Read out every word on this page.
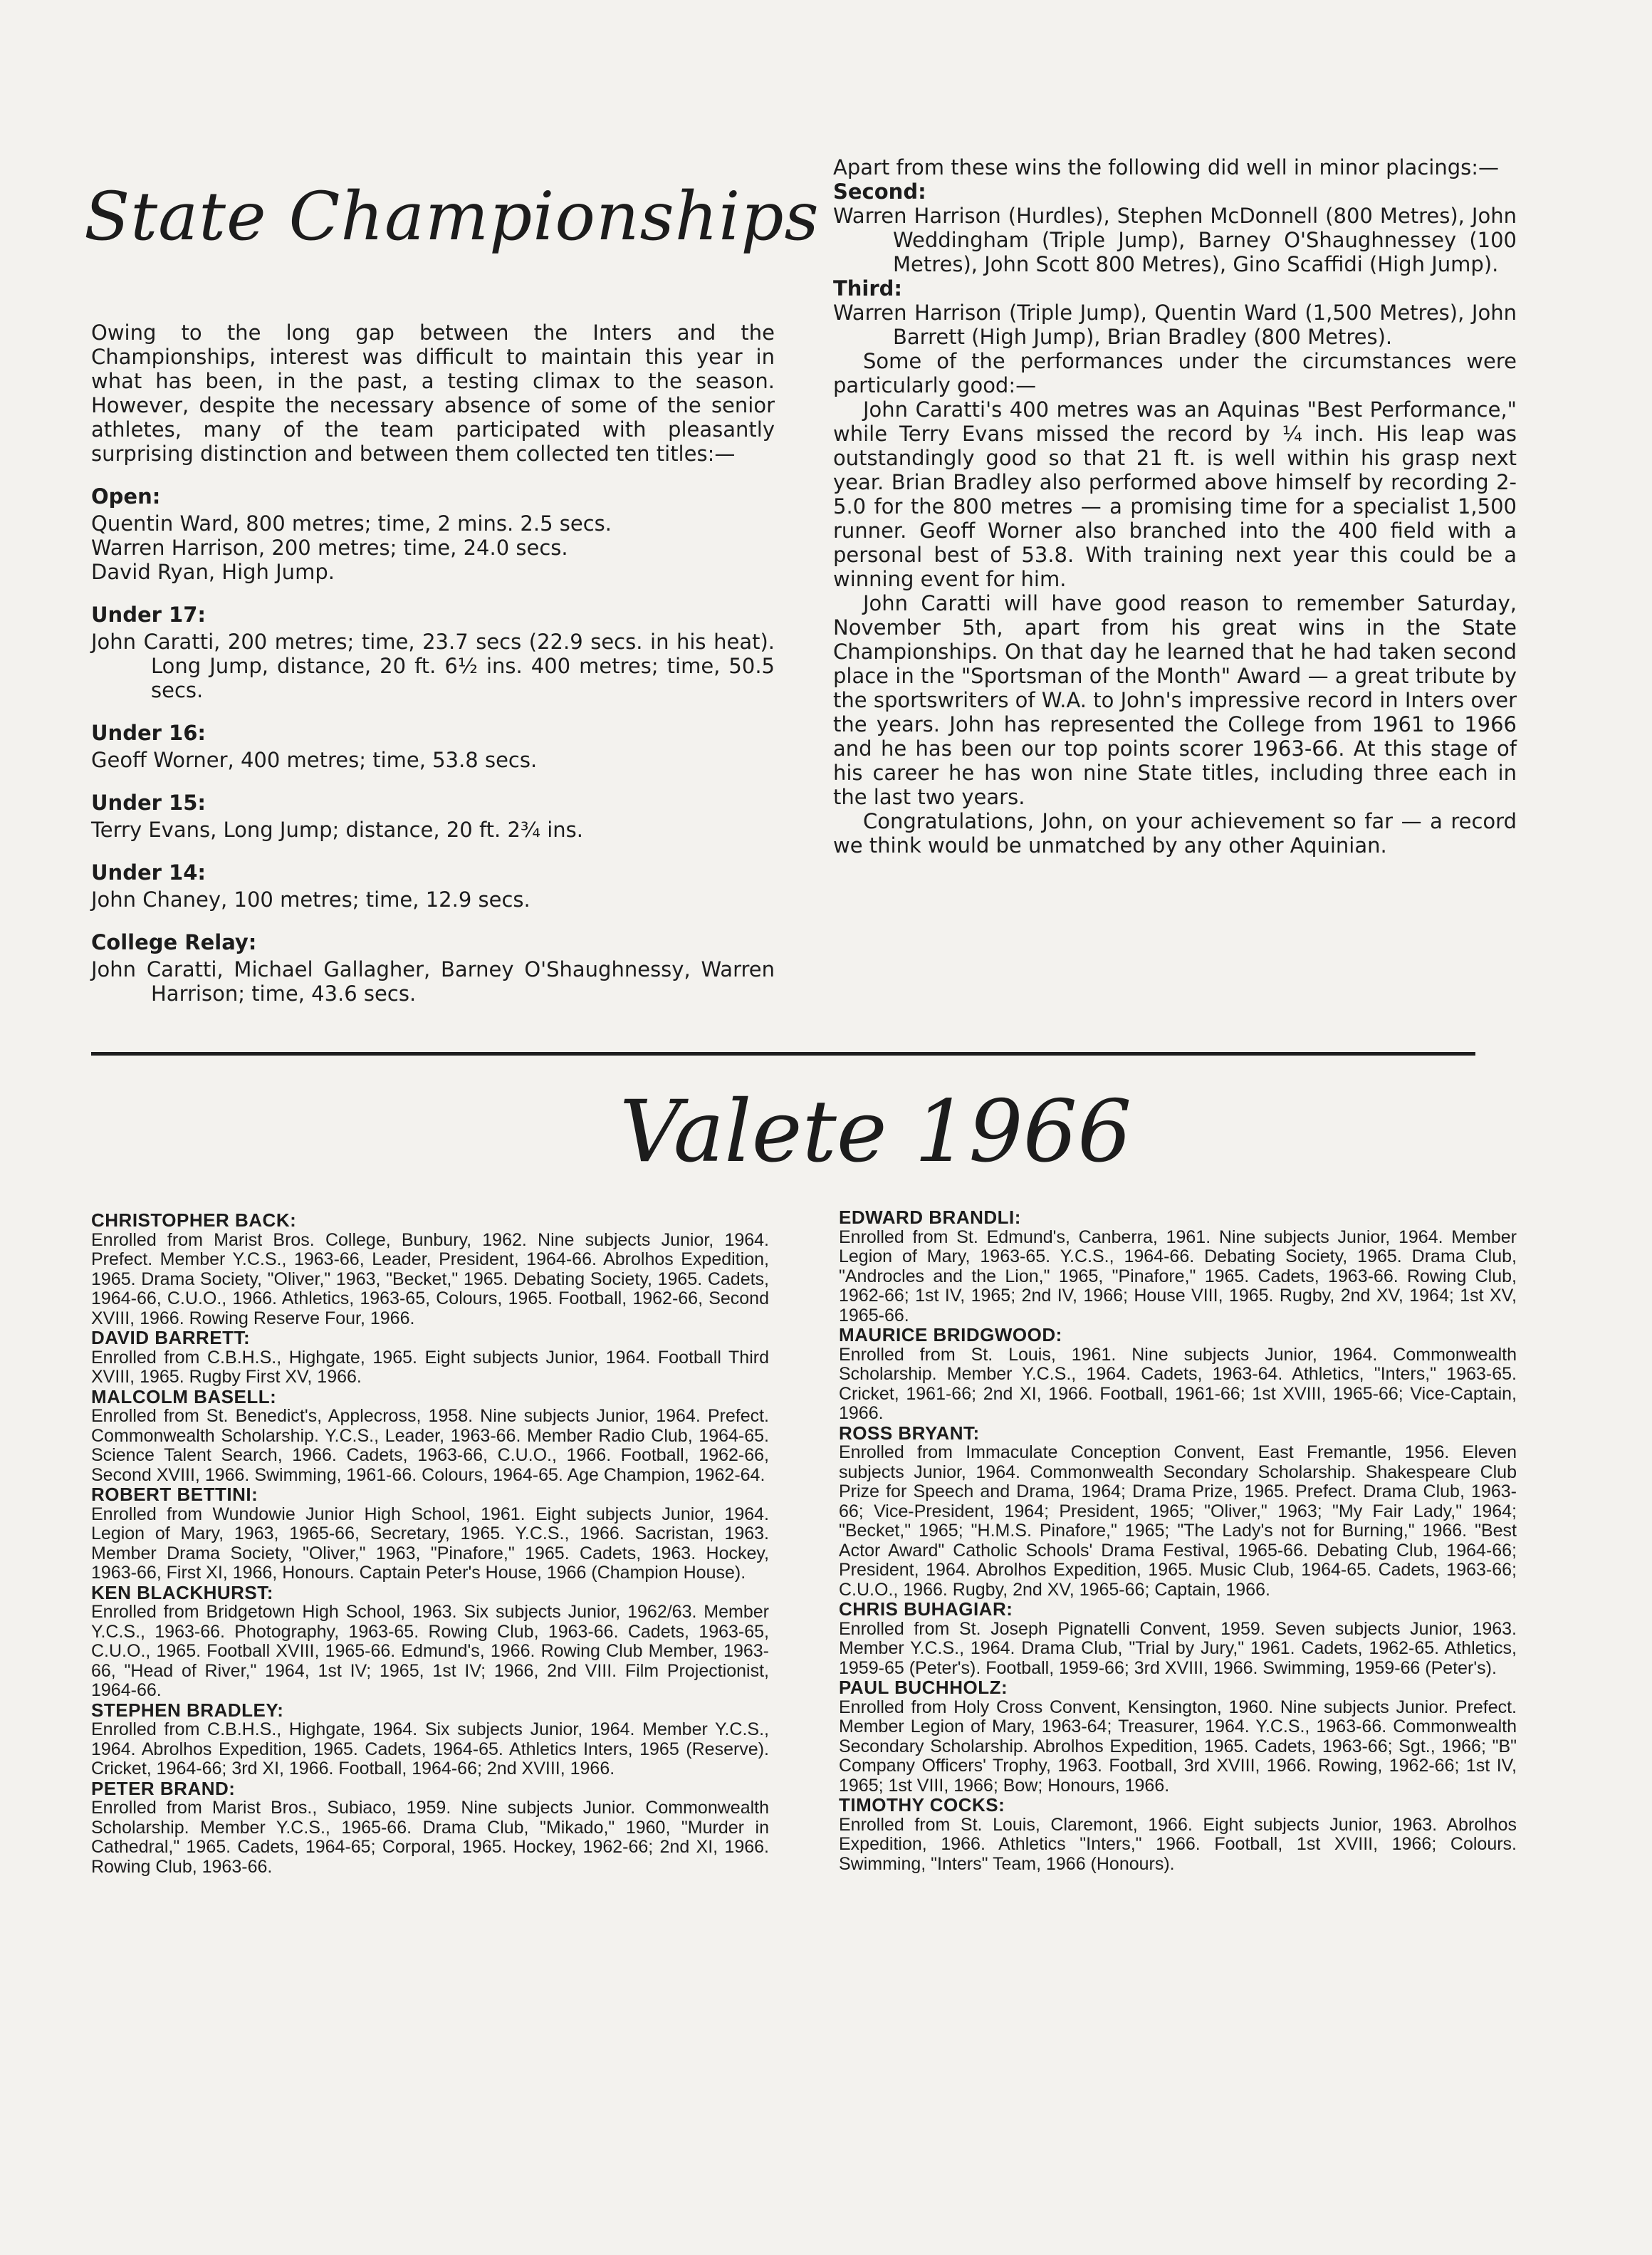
State Championships

Owing to the long gap between the Inters and the Championships, interest was difficult to maintain this year in what has been, in the past, a testing climax to the season. However, despite the necessary absence of some of the senior athletes, many of the team participated with pleasantly surprising distinction and between them collected ten titles:—

Open:

Quentin Ward, 800 metres; time, 2 mins. 2.5 secs.

Warren Harrison, 200 metres; time, 24.0 secs.

David Ryan, High Jump.

Under 17:

John Caratti, 200 metres; time, 23.7 secs (22.9 secs. in his heat). Long Jump, distance, 20 ft. 6½ ins. 400 metres; time, 50.5 secs.

Under 16:

Geoff Worner, 400 metres; time, 53.8 secs.

Under 15:

Terry Evans, Long Jump; distance, 20 ft. 2¾ ins.

Under 14:

John Chaney, 100 metres; time, 12.9 secs.

College Relay:

John Caratti, Michael Gallagher, Barney O'Shaughnessy, Warren Harrison; time, 43.6 secs.

Apart from these wins the following did well in minor placings:—

Second:

Warren Harrison (Hurdles), Stephen McDonnell (800 Metres), John Weddingham (Triple Jump), Barney O'Shaughnessey (100 Metres), John Scott 800 Metres), Gino Scaffidi (High Jump).

Third:

Warren Harrison (Triple Jump), Quentin Ward (1,500 Metres), John Barrett (High Jump), Brian Bradley (800 Metres).

Some of the performances under the circumstances were particularly good:—

John Caratti's 400 metres was an Aquinas "Best Performance," while Terry Evans missed the record by ¼ inch. His leap was outstandingly good so that 21 ft. is well within his grasp next year. Brian Bradley also performed above himself by recording 2-5.0 for the 800 metres — a promising time for a specialist 1,500 runner. Geoff Worner also branched into the 400 field with a personal best of 53.8. With training next year this could be a winning event for him.

John Caratti will have good reason to remember Saturday, November 5th, apart from his great wins in the State Championships. On that day he learned that he had taken second place in the "Sportsman of the Month" Award — a great tribute by the sportswriters of W.A. to John's impressive record in Inters over the years. John has represented the College from 1961 to 1966 and he has been our top points scorer 1963-66. At this stage of his career he has won nine State titles, including three each in the last two years.

Congratulations, John, on your achievement so far — a record we think would be unmatched by any other Aquinian.

Valete 1966

CHRISTOPHER BACK:

Enrolled from Marist Bros. College, Bunbury, 1962. Nine subjects Junior, 1964. Prefect. Member Y.C.S., 1963-66, Leader, President, 1964-66. Abrolhos Expedition, 1965. Drama Society, "Oliver," 1963, "Becket," 1965. Debating Society, 1965. Cadets, 1964-66, C.U.O., 1966. Athletics, 1963-65, Colours, 1965. Football, 1962-66, Second XVIII, 1966. Rowing Reserve Four, 1966.

DAVID BARRETT:

Enrolled from C.B.H.S., Highgate, 1965. Eight subjects Junior, 1964. Football Third XVIII, 1965. Rugby First XV, 1966.

MALCOLM BASELL:

Enrolled from St. Benedict's, Applecross, 1958. Nine subjects Junior, 1964. Prefect. Commonwealth Scholarship. Y.C.S., Leader, 1963-66. Member Radio Club, 1964-65. Science Talent Search, 1966. Cadets, 1963-66, C.U.O., 1966. Football, 1962-66, Second XVIII, 1966. Swimming, 1961-66. Colours, 1964-65. Age Champion, 1962-64.

ROBERT BETTINI:

Enrolled from Wundowie Junior High School, 1961. Eight subjects Junior, 1964. Legion of Mary, 1963, 1965-66, Secretary, 1965. Y.C.S., 1966. Sacristan, 1963. Member Drama Society, "Oliver," 1963, "Pinafore," 1965. Cadets, 1963. Hockey, 1963-66, First XI, 1966, Honours. Captain Peter's House, 1966 (Champion House).

KEN BLACKHURST:

Enrolled from Bridgetown High School, 1963. Six subjects Junior, 1962/63. Member Y.C.S., 1963-66. Photography, 1963-65. Rowing Club, 1963-66. Cadets, 1963-65, C.U.O., 1965. Football XVIII, 1965-66. Edmund's, 1966. Rowing Club Member, 1963-66, "Head of River," 1964, 1st IV; 1965, 1st IV; 1966, 2nd VIII. Film Projectionist, 1964-66.

STEPHEN BRADLEY:

Enrolled from C.B.H.S., Highgate, 1964. Six subjects Junior, 1964. Member Y.C.S., 1964. Abrolhos Expedition, 1965. Cadets, 1964-65. Athletics Inters, 1965 (Reserve). Cricket, 1964-66; 3rd XI, 1966. Football, 1964-66; 2nd XVIII, 1966.

PETER BRAND:

Enrolled from Marist Bros., Subiaco, 1959. Nine subjects Junior. Commonwealth Scholarship. Member Y.C.S., 1965-66. Drama Club, "Mikado," 1960, "Murder in Cathedral," 1965. Cadets, 1964-65; Corporal, 1965. Hockey, 1962-66; 2nd XI, 1966. Rowing Club, 1963-66.

EDWARD BRANDLI:

Enrolled from St. Edmund's, Canberra, 1961. Nine subjects Junior, 1964. Member Legion of Mary, 1963-65. Y.C.S., 1964-66. Debating Society, 1965. Drama Club, "Androcles and the Lion," 1965, "Pinafore," 1965. Cadets, 1963-66. Rowing Club, 1962-66; 1st IV, 1965; 2nd IV, 1966; House VIII, 1965. Rugby, 2nd XV, 1964; 1st XV, 1965-66.

MAURICE BRIDGWOOD:

Enrolled from St. Louis, 1961. Nine subjects Junior, 1964. Commonwealth Scholarship. Member Y.C.S., 1964. Cadets, 1963-64. Athletics, "Inters," 1963-65. Cricket, 1961-66; 2nd XI, 1966. Football, 1961-66; 1st XVIII, 1965-66; Vice-Captain, 1966.

ROSS BRYANT:

Enrolled from Immaculate Conception Convent, East Fremantle, 1956. Eleven subjects Junior, 1964. Commonwealth Secondary Scholarship. Shakespeare Club Prize for Speech and Drama, 1964; Drama Prize, 1965. Prefect. Drama Club, 1963-66; Vice-President, 1964; President, 1965; "Oliver," 1963; "My Fair Lady," 1964; "Becket," 1965; "H.M.S. Pinafore," 1965; "The Lady's not for Burning," 1966. "Best Actor Award" Catholic Schools' Drama Festival, 1965-66. Debating Club, 1964-66; President, 1964. Abrolhos Expedition, 1965. Music Club, 1964-65. Cadets, 1963-66; C.U.O., 1966. Rugby, 2nd XV, 1965-66; Captain, 1966.

CHRIS BUHAGIAR:

Enrolled from St. Joseph Pignatelli Convent, 1959. Seven subjects Junior, 1963. Member Y.C.S., 1964. Drama Club, "Trial by Jury," 1961. Cadets, 1962-65. Athletics, 1959-65 (Peter's). Football, 1959-66; 3rd XVIII, 1966. Swimming, 1959-66 (Peter's).

PAUL BUCHHOLZ:

Enrolled from Holy Cross Convent, Kensington, 1960. Nine subjects Junior. Prefect. Member Legion of Mary, 1963-64; Treasurer, 1964. Y.C.S., 1963-66. Commonwealth Secondary Scholarship. Abrolhos Expedition, 1965. Cadets, 1963-66; Sgt., 1966; "B" Company Officers' Trophy, 1963. Football, 3rd XVIII, 1966. Rowing, 1962-66; 1st IV, 1965; 1st VIII, 1966; Bow; Honours, 1966.

TIMOTHY COCKS:

Enrolled from St. Louis, Claremont, 1966. Eight subjects Junior, 1963. Abrolhos Expedition, 1966. Athletics "Inters," 1966. Football, 1st XVIII, 1966; Colours. Swimming, "Inters" Team, 1966 (Honours).
